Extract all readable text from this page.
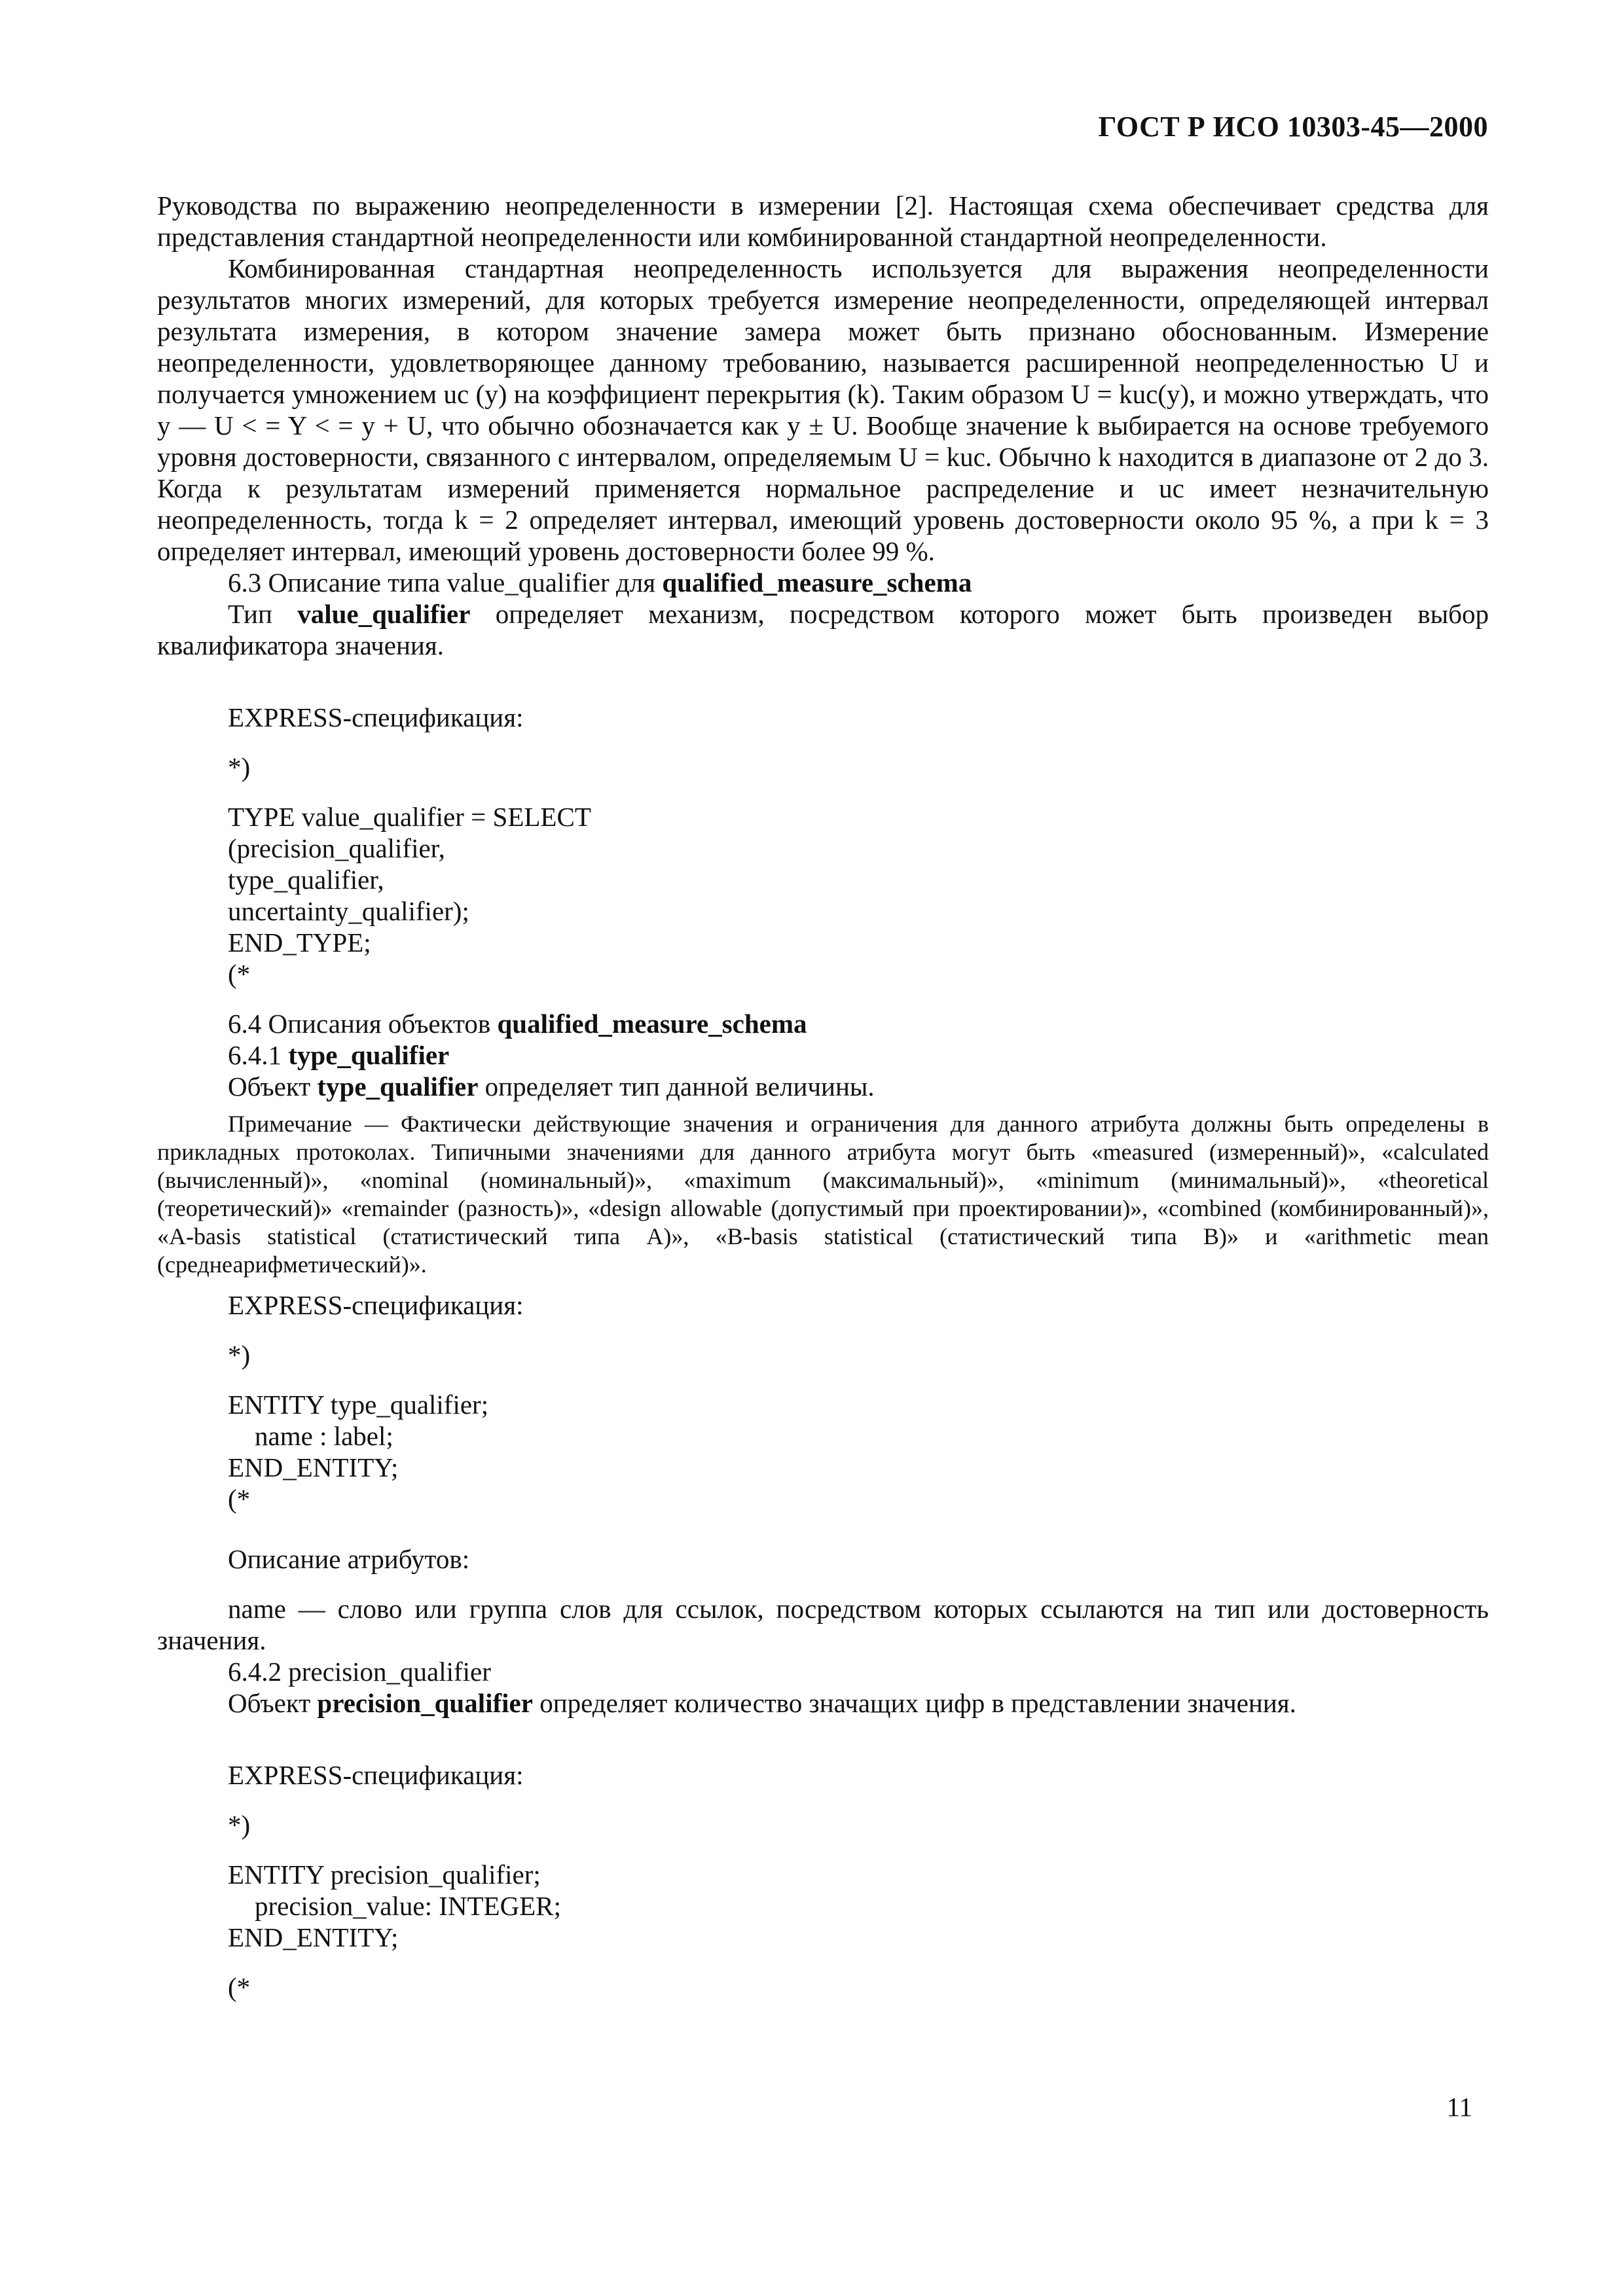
ГОСТ Р ИСО 10303-45—2000

Руководства по выражению неопределенности в измерении [2]. Настоящая схема обеспечивает средства для представления стандартной неопределенности или комбинированной стандартной неопределенности.

Комбинированная стандартная неопределенность используется для выражения неопределенности результатов многих измерений, для которых требуется измерение неопределенности, определяющей интервал результата измерения, в котором значение замера может быть признано обоснованным. Измерение неопределенности, удовлетворяющее данному требованию, называется расширенной неопределенностью U и получается умножением uc (y) на коэффициент перекрытия (k). Таким образом U = kuc(y), и можно утверждать, что y — U < = Y < = y + U, что обычно обозначается как y ± U. Вообще значение k выбирается на основе требуемого уровня достоверности, связанного с интервалом, определяемым U = kuc. Обычно k находится в диапазоне от 2 до 3. Когда к результатам измерений применяется нормальное распределение и uc имеет незначительную неопределенность, тогда k = 2 определяет интервал, имеющий уровень достоверности около 95 %, а при k = 3 определяет интервал, имеющий уровень достоверности более 99 %.

6.3 Описание типа value_qualifier для qualified_measure_schema

Тип value_qualifier определяет механизм, посредством которого может быть произведен выбор квалификатора значения.

EXPRESS-спецификация:

*)
TYPE value_qualifier = SELECT
(precision_qualifier,
type_qualifier,
uncertainty_qualifier);
END_TYPE;
(*

6.4 Описания объектов qualified_measure_schema

6.4.1 type_qualifier

Объект type_qualifier определяет тип данной величины.

Примечание — Фактически действующие значения и ограничения для данного атрибута должны быть определены в прикладных протоколах. Типичными значениями для данного атрибута могут быть «measured (измеренный)», «calculated (вычисленный)», «nominal (номинальный)», «maximum (максимальный)», «minimum (минимальный)», «theoretical (теоретический)» «remainder (разность)», «design allowable (допустимый при проектировании)», «combined (комбинированный)», «A-basis statistical (статистический типа A)», «B-basis statistical (статистический типа B)» и «arithmetic mean (среднеарифметический)».

EXPRESS-спецификация:

*)
ENTITY type_qualifier;
name : label;
END_ENTITY;
(*

Описание атрибутов:

name — слово или группа слов для ссылок, посредством которых ссылаются на тип или достоверность значения.

6.4.2 precision_qualifier

Объект precision_qualifier определяет количество значащих цифр в представлении значения.

EXPRESS-спецификация:

*)
ENTITY precision_qualifier;
precision_value: INTEGER;
END_ENTITY;
(*
11
